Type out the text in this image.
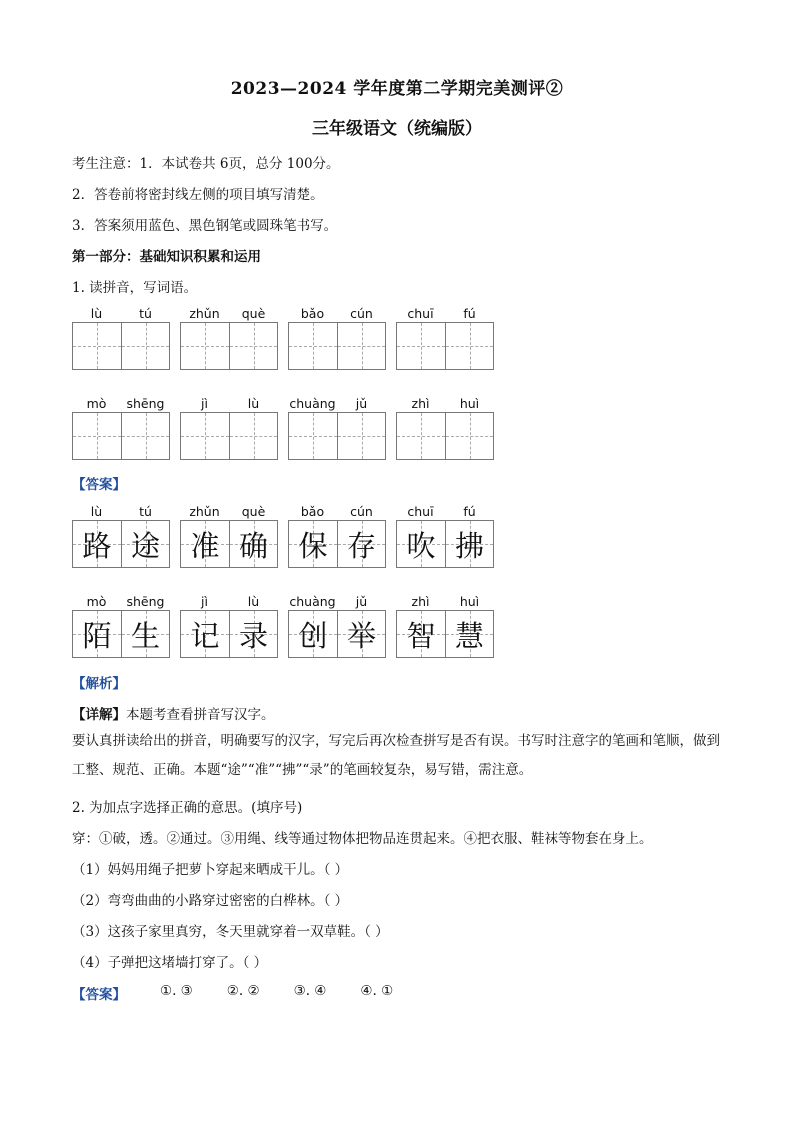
2023—2024 学年度第二学期完美测评②
三年级语文（统编版）
考生注意：1．本试卷共 6页，总分 100分。
2．答卷前将密封线左侧的项目填写清楚。
3．答案须用蓝色、黑色钢笔或圆珠笔书写。
第一部分：基础知识积累和运用
1. 读拼音，写词语。
lù	tú	zhǔn	què	bǎo	cún	chuī	fú
mò	shēng	jì	lù	chuàng	jǔ	zhì	huì
【答案】
lù	tú
路 途
zhǔn	què
准 确
bǎo	cún
保 存
chuī	fú
吹 拂
mò	shēng
陌 生
jì	lù
记 录
chuàng	jǔ
创 举
zhì	huì
智 慧
【解析】
【详解】本题考查看拼音写汉字。
要认真拼读给出的拼音，明确要写的汉字，写完后再次检查拼写是否有误。书写时注意字的笔画和笔顺，做到工整、规范、正确。本题“途”“准”“拂”“录”的笔画较复杂，易写错，需注意。
2. 为加点字选择正确的意思。(填序号)
穿：①破，透。②通过。③用绳、线等通过物体把物品连贯起来。④把衣服、鞋袜等物套在身上。
（1）妈妈用绳子把萝卜穿起来晒成干儿。（ ）
（2）弯弯曲曲的小路穿过密密的白桦林。（ ）
（3）这孩子家里真穷，冬天里就穿着一双草鞋。（ ）
（4）子弹把这堵墙打穿了。（ ）
【答案】	①. ③	②. ②	③. ④	④. ①
